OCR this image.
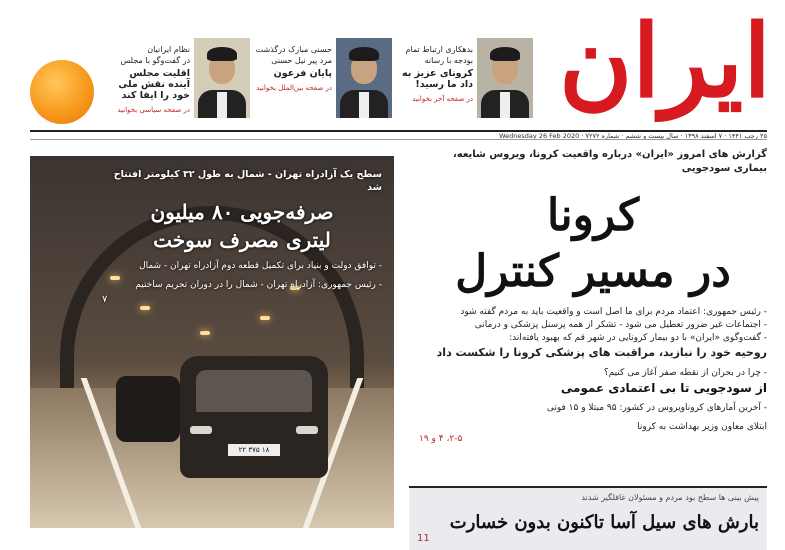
ایران
بدهکاری ارتباط تمام
بودجه با رسانه
کرونای عزیز به داد ما رسید!
در صفحه آخر بخوانید
حسنی مبارک درگذشت
مرد پیر نیل حسنی
پایان فرعون
در صفحه بین‌الملل بخوانید
نظام ایرانیان
در گفت‌وگو با مجلس
اقلیت مجلس آینده نقش ملی خود را ایفا کند
در صفحه سیاسی بخوانید
۲۵ رجب ۱۴۴۱ · ۷ اسفند ۱۳۹۸ · سال بیست و ششم · شماره ۷۲۷۲ · Wednesday 26 Feb 2020
گزارش های امروز «ایران» درباره واقعیت کرونا، ویروس شایعه، بیماری سودجویی
کرونا
در مسیر کنترل
- رئیس جمهوری: اعتماد مردم برای ما اصل است و واقعیت باید به مردم گفته شود
- اجتماعات غیر ضرور تعطیل می شود - تشکر از همه پرسنل پزشکی و درمانی
- گفت‌وگوی «ایران» با دو بیمار کرونایی در شهر قم که بهبود یافته‌اند:
روحیه خود را نبازید، مراقبت های پزشکی کرونا را شکست داد
- چرا در بحران از نقطه صفر آغاز می کنیم؟
از سودجویی تا بی اعتمادی عمومی
- آخرین آمارهای کروناویروس در کشور: ۹۵ مبتلا و ۱۵ فوتی
ابتلای معاون وزیر بهداشت به کرونا
۲-۵، ۴ و ۱۹
پیش بینی ها سطح بود مردم و مسئولان غافلگیر شدند
بارش های سیل آسا تاکنون بدون خسارت
11
۲۲ ۳۷۵ ۱۸
سطح یک آزادراه تهران - شمال به طول ۳۲ کیلومتر افتتاح شد
صرفه‌جویی ۸۰ میلیون
لیتری مصرف سوخت
- توافق دولت و بنیاد برای تکمیل قطعه دوم آزادراه تهران - شمال
- رئیس جمهوری: آزادراه تهران - شمال را در دوران تحریم ساختیم
۷
